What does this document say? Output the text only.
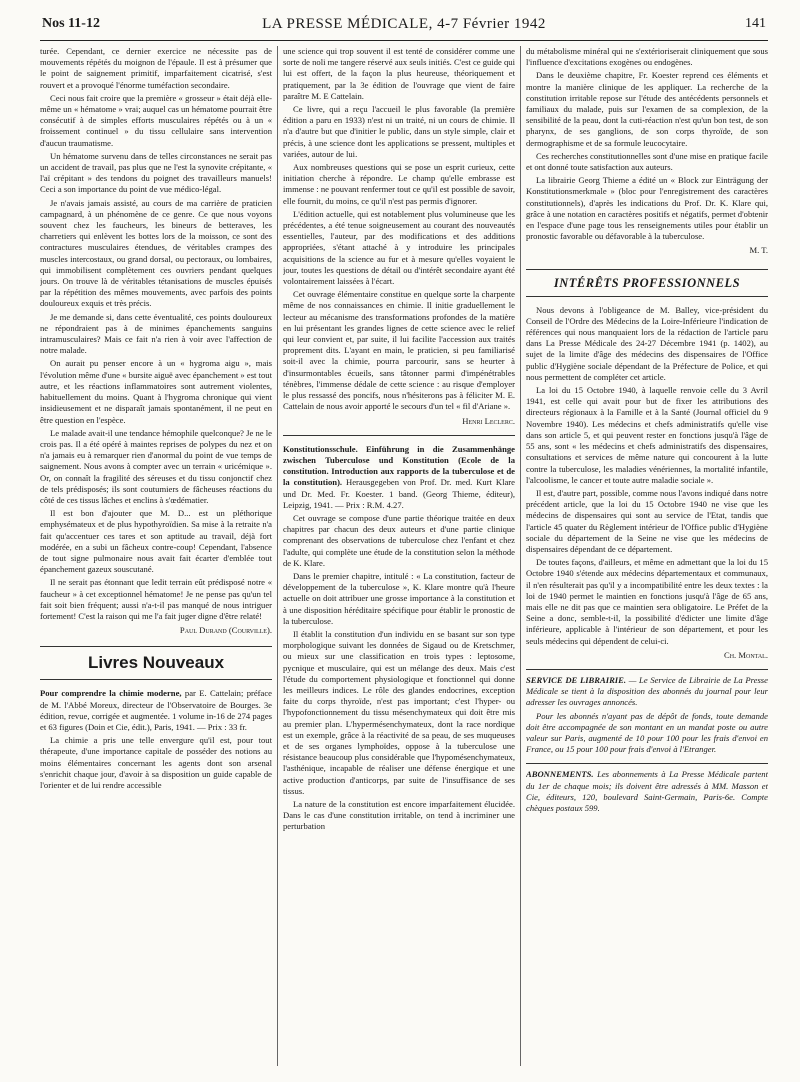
Nos 11-12	LA PRESSE MÉDICALE, 4-7 Février 1942	141

turée. Cependant, ce dernier exercice ne nécessite pas de mouvements répétés du moignon de l'épaule. Il est à présumer que le point de saignement primitif, imparfaitement cicatrisé, s'est rouvert et a provoqué l'énorme tuméfaction secondaire.

Ceci nous fait croire que la première « grosseur » était déjà elle-même un « hématome » vrai; auquel cas un hématome pourrait être consécutif à de simples efforts musculaires répétés ou à un « froissement continuel » du tissu cellulaire sans intervention d'aucun traumatisme.

Un hématome survenu dans de telles circonstances ne serait pas un accident de travail, pas plus que ne l'est la synovite crépitante, « l'aï crépitant » des tendons du poignet des travailleurs manuels! Ceci a son importance du point de vue médico-légal.

Je n'avais jamais assisté, au cours de ma carrière de praticien campagnard, à un phénomène de ce genre. Ce que nous voyons souvent chez les faucheurs, les bineurs de betteraves, les charretiers qui enlèvent les bottes lors de la moisson, ce sont des contractures musculaires étendues, de véritables crampes des muscles intercostaux, ou grand dorsal, ou pectoraux, ou lombaires, qui immobilisent complètement ces ouvriers pendant quelques jours. On trouve là de véritables tétanisations de muscles épuisés par la répétition des mêmes mouvements, avec parfois des points douloureux exquis et très précis.

Je me demande si, dans cette éventualité, ces points douloureux ne répondraient pas à de minimes épanchements sanguins intramusculaires? Mais ce fait n'a rien à voir avec l'affection de notre malade.

On aurait pu penser encore à un « hygroma aigu », mais l'évolution même d'une « bursite aiguë avec épanchement » est tout autre, et les réactions inflammatoires sont autrement violentes, habituellement du moins. Quant à l'hygroma chronique qui vient insidieusement et ne disparaît jamais spontanément, il ne peut en être question en l'espèce.

Le malade avait-il une tendance hémophile quelconque? Je ne le crois pas. Il a été opéré à maintes reprises de polypes du nez et on n'a jamais eu à remarquer rien d'anormal du point de vue temps de saignement. Nous avons à compter avec un terrain « uricémique ». Or, on connaît la fragilité des séreuses et du tissu conjonctif chez de tels prédisposés; ils sont coutumiers de fâcheuses réactions du côté de ces tissus lâches et enclins à s'œdématier.

Il est bon d'ajouter que M. D... est un pléthorique emphysémateux et de plus hypothyroïdien. Sa mise à la retraite n'a fait qu'accentuer ces tares et son aptitude au travail, déjà fort modérée, en a subi un fâcheux contre-coup! Cependant, l'absence de tout signe pulmonaire nous avait fait écarter d'emblée tout épanchement gazeux souscutané.

Il ne serait pas étonnant que ledit terrain eût prédisposé notre « faucheur » à cet exceptionnel hématome! Je ne pense pas qu'un tel fait soit bien fréquent; aussi n'a-t-il pas manqué de nous intriguer fortement! C'est la raison qui me l'a fait juger digne d'être relaté!

Paul Durand (Courville).

Livres Nouveaux

Pour comprendre la chimie moderne, par E. Cattelain; préface de M. l'Abbé Moreux, directeur de l'Observatoire de Bourges. 3e édition, revue, corrigée et augmentée. 1 volume in-16 de 274 pages et 63 figures (Doin et Cie, édit.), Paris, 1941. — Prix : 33 fr.

La chimie a pris une telle envergure qu'il est, pour tout thérapeute, d'une importance capitale de posséder des notions au moins élémentaires concernant les agents dont son arsenal s'enrichit chaque jour, d'avoir à sa disposition un guide capable de l'orienter et de lui rendre accessible

une science qui trop souvent il est tenté de considérer comme une sorte de noli me tangere réservé aux seuls initiés. C'est ce guide qui lui est offert, de la façon la plus heureuse, théoriquement et pratiquement, par la 3e édition de l'ouvrage que vient de faire paraître M. E Cattelain.

Ce livre, qui a reçu l'accueil le plus favorable (la première édition a paru en 1933) n'est ni un traité, ni un cours de chimie. Il n'a d'autre but que d'initier le public, dans un style simple, clair et précis, à une science dont les applications se pressent, multiples et variées, autour de lui.

Aux nombreuses questions qui se pose un esprit curieux, cette initiation cherche à répondre. Le champ qu'elle embrasse est immense : ne pouvant renfermer tout ce qu'il est possible de savoir, elle fournit, du moins, ce qu'il n'est pas permis d'ignorer.

L'édition actuelle, qui est notablement plus volumineuse que les précédentes, a été tenue soigneusement au courant des nouveautés essentielles, l'auteur, par des modifications et des additions appropriées, s'étant attaché à y introduire les principales acquisitions de la science au fur et à mesure qu'elles voyaient le jour, toutes les questions de détail ou d'intérêt secondaire ayant été volontairement laissées à l'écart.

Cet ouvrage élémentaire constitue en quelque sorte la charpente même de nos connaissances en chimie. Il initie graduellement le lecteur au mécanisme des transformations profondes de la matière en lui présentant les grandes lignes de cette science avec le relief qui leur convient et, par suite, il lui facilite l'accession aux traités proprement dits. L'ayant en main, le praticien, si peu familiarisé soit-il avec la chimie, pourra parcourir, sans se heurter à d'insurmontables écueils, sans tâtonner parmi d'impénétrables ténèbres, l'immense dédale de cette science : au risque d'employer le plus ressassé des poncifs, nous n'hésiterons pas à féliciter M. E. Cattelain de nous avoir apporté le secours d'un tel « fil d'Ariane ».

Henri Leclerc.

Konstitutionsschule. Einführung in die Zusammenhänge zwischen Tuberculose und Konstitution (Ecole de la constitution. Introduction aux rapports de la tuberculose et de la constitution). Herausgegeben von Prof. Dr. med. Kurt Klare und Dr. Med. Fr. Koester. 1 band. (Georg Thieme, éditeur), Leipzig, 1941. — Prix : R.M. 4.27.

Cet ouvrage se compose d'une partie théorique traitée en deux chapitres par chacun des deux auteurs et d'une partie clinique comprenant des observations de tuberculose chez l'enfant et chez l'adulte, qui complète une étude de la constitution selon la méthode de K. Klare.

Dans le premier chapitre, intitulé : « La constitution, facteur de développement de la tuberculose », K. Klare montre qu'à l'heure actuelle on doit attribuer une grosse importance à la constitution et à une disposition héréditaire spécifique pour établir le pronostic de la tuberculose.

Il établit la constitution d'un individu en se basant sur son type morphologique suivant les données de Sigaud ou de Kretschmer, ou mieux sur une classification en trois types : leptosome, pycnique et musculaire, qui est un mélange des deux. Mais c'est l'étude du comportement physiologique et fonctionnel qui donne les meilleurs indices. Le rôle des glandes endocrines, exception faite du corps thyroïde, n'est pas important; c'est l'hyper- ou l'hypofonctionnement du tissu mésenchymateux qui doit être mis au premier plan. L'hypermésenchymateux, dont la race nordique est un exemple, grâce à la réactivité de sa peau, de ses muqueuses et de ses organes lymphoïdes, oppose à la tuberculose une résistance beaucoup plus considérable que l'hypomésenchymateux, l'asthénique, incapable de réaliser une défense énergique et une active production d'anticorps, par suite de l'insuffisance de ses tissus.

La nature de la constitution est encore imparfaitement élucidée. Dans le cas d'une constitution irritable, on tend à incriminer une perturbation

du métabolisme minéral qui ne s'extérioriserait cliniquement que sous l'influence d'excitations exogènes ou endogènes.

Dans le deuxième chapitre, Fr. Koester reprend ces éléments et montre la manière clinique de les appliquer. La recherche de la constitution irritable repose sur l'étude des antécédents personnels et familiaux du malade, puis sur l'examen de sa complexion, de la sensibilité de la peau, dont la cuti-réaction n'est qu'un bon test, de son pharynx, de ses ganglions, de son corps thyroïde, de son dermographisme et de sa formule leucocytaire.

Ces recherches constitutionnelles sont d'une mise en pratique facile et ont donné toute satisfaction aux auteurs.

La librairie Georg Thieme a édité un « Block zur Einträgung der Konstitutionsmerkmale » (bloc pour l'enregistrement des caractères constitutionnels), d'après les indications du Prof. Dr. K. Klare qui, grâce à une notation en caractères positifs et négatifs, permet d'obtenir en l'espace d'une page tous les renseignements utiles pour établir un pronostic favorable ou défavorable à la tuberculose.

M. T.

INTÉRÊTS PROFESSIONNELS

Nous devons à l'obligeance de M. Balley, vice-président du Conseil de l'Ordre des Médecins de la Loire-Inférieure l'indication de références qui nous manquaient lors de la rédaction de l'article paru dans La Presse Médicale des 24-27 Décembre 1941 (p. 1402), au sujet de la limite d'âge des médecins des dispensaires de l'Office public d'Hygiène sociale dépendant de la Préfecture de Police, et qui nous permettent de compléter cet article.

La loi du 15 Octobre 1940, à laquelle renvoie celle du 3 Avril 1941, est celle qui avait pour but de fixer les attributions des directeurs régionaux à la Famille et à la Santé (Journal officiel du 9 Novembre 1940). Les médecins et chefs administratifs qu'elle vise dans son article 5, et qui peuvent rester en fonctions jusqu'à l'âge de 55 ans, sont « les médecins et chefs administratifs des dispensaires, consultations et services de même nature qui concourent à la lutte contre la tuberculose, les maladies vénériennes, la mortalité infantile, l'alcoolisme, le cancer et toute autre maladie sociale ».

Il est, d'autre part, possible, comme nous l'avons indiqué dans notre précédent article, que la loi du 15 Octobre 1940 ne vise que les médecins de dispensaires qui sont au service de l'Etat, tandis que l'article 45 quater du Règlement intérieur de l'Office public d'Hygiène sociale du département de la Seine ne vise que les médecins de dispensaires dépendant de ce département.

De toutes façons, d'ailleurs, et même en admettant que la loi du 15 Octobre 1940 s'étende aux médecins départementaux et communaux, il n'en résulterait pas qu'il y a incompatibilité entre les deux textes : la loi de 1940 permet le maintien en fonctions jusqu'à l'âge de 65 ans, mais elle ne dit pas que ce maintien sera obligatoire. Le Préfet de la Seine a donc, semble-t-il, la possibilité d'édicter une limite d'âge inférieure, applicable à l'intérieur de son département, et pour les seuls médecins qui dépendent de celui-ci.

Ch. Montal.

SERVICE DE LIBRAIRIE. — Le Service de Librairie de La Presse Médicale se tient à la disposition des abonnés du journal pour leur adresser les ouvrages annoncés.

Pour les abonnés n'ayant pas de dépôt de fonds, toute demande doit être accompagnée de son montant en un mandat poste ou autre valeur sur Paris, augmenté de 10 pour 100 pour les frais d'envoi en France, ou 15 pour 100 pour frais d'envoi à l'Etranger.

ABONNEMENTS. Les abonnements à La Presse Médicale partent du 1er de chaque mois; ils doivent être adressés à MM. Masson et Cie, éditeurs, 120, boulevard Saint-Germain, Paris-6e. Compte chèques postaux 599.
